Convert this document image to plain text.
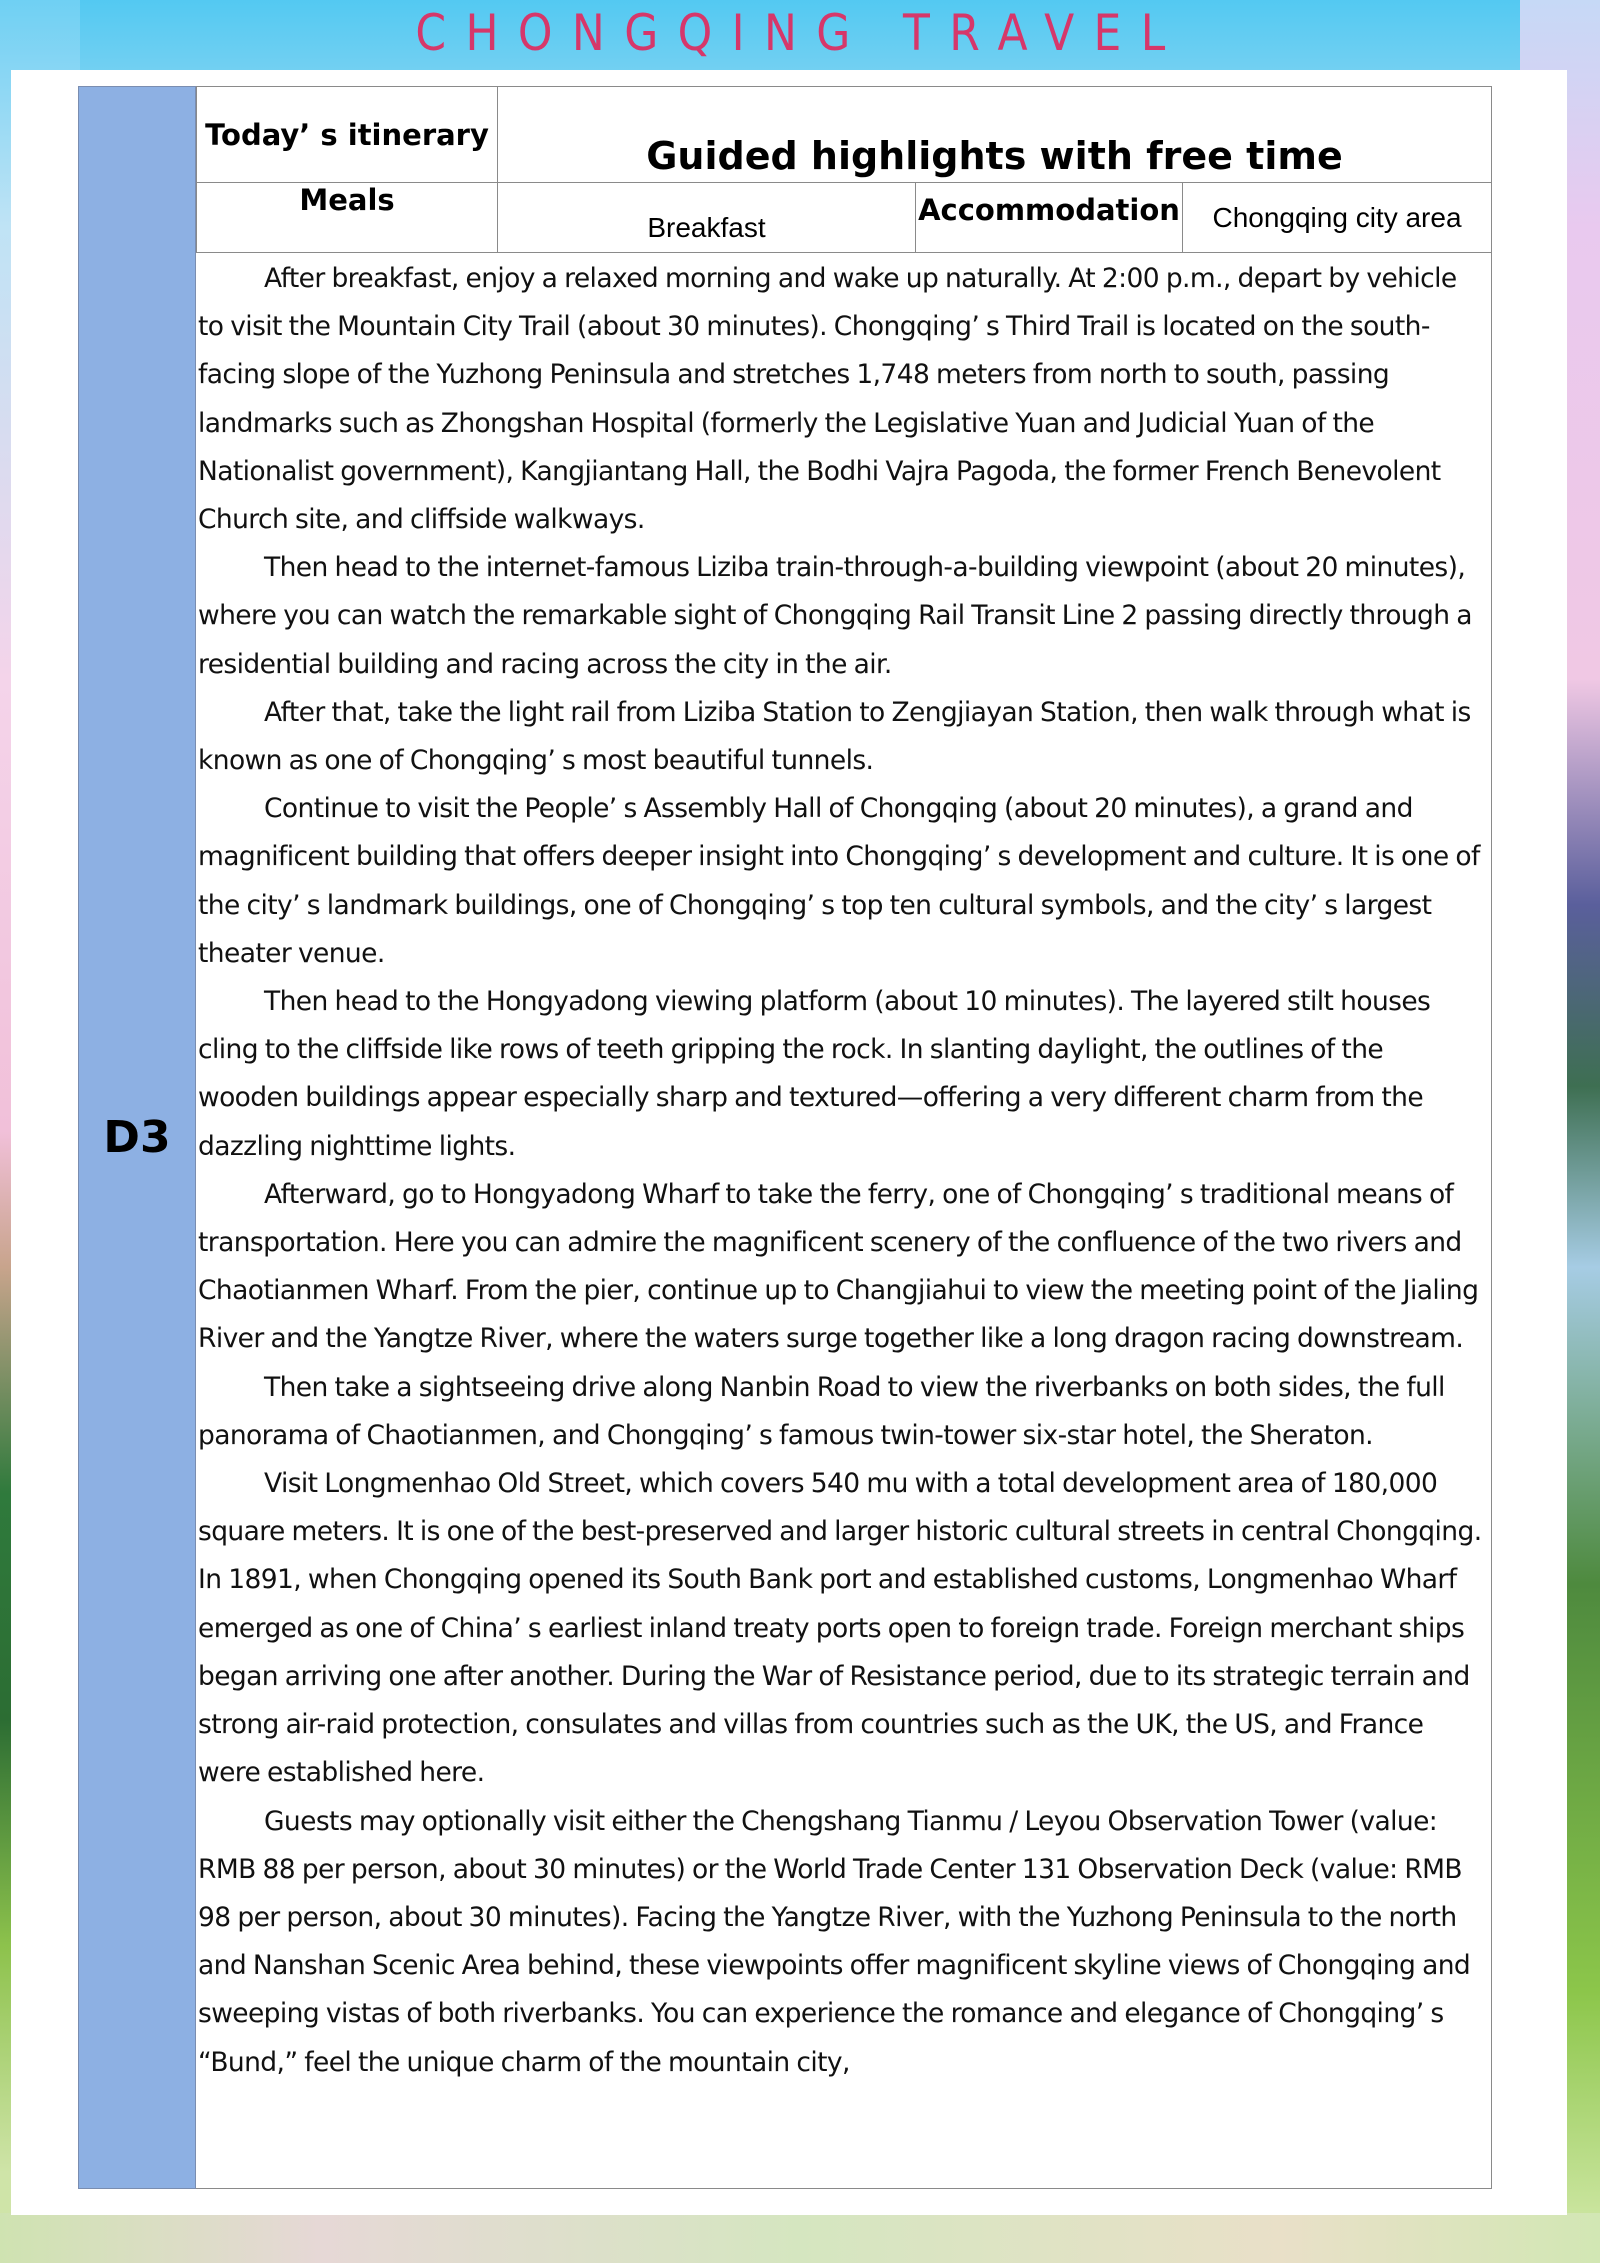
CHONGQING TRAVEL
D3
Today’ s itinerary	Guided highlights with free time
Meals
Breakfast
Accommodation Chongqing city area

After breakfast, enjoy a relaxed morning and wake up naturally. At 2:00 p.m., depart by vehicle to visit the Mountain City Trail (about 30 minutes). Chongqing’ s Third Trail is located on the south-facing slope of the Yuzhong Peninsula and stretches 1,748 meters from north to south, passing landmarks such as Zhongshan Hospital (formerly the Legislative Yuan and Judicial Yuan of the Nationalist government), Kangjiantang Hall, the Bodhi Vajra Pagoda, the former French Benevolent Church site, and cliffside walkways.

Then head to the internet-famous Liziba train-through-a-building viewpoint (about 20 minutes), where you can watch the remarkable sight of Chongqing Rail Transit Line 2 passing directly through a residential building and racing across the city in the air.

After that, take the light rail from Liziba Station to Zengjiayan Station, then walk through what is known as one of Chongqing’ s most beautiful tunnels.

Continue to visit the People’ s Assembly Hall of Chongqing (about 20 minutes), a grand and magnificent building that offers deeper insight into Chongqing’ s development and culture. It is one of the city’ s landmark buildings, one of Chongqing’ s top ten cultural symbols, and the city’ s largest theater venue.

Then head to the Hongyadong viewing platform (about 10 minutes). The layered stilt houses cling to the cliffside like rows of teeth gripping the rock. In slanting daylight, the outlines of the wooden buildings appear especially sharp and textured—offering a very different charm from the dazzling nighttime lights.

Afterward, go to Hongyadong Wharf to take the ferry, one of Chongqing’ s traditional means of transportation. Here you can admire the magnificent scenery of the confluence of the two rivers and Chaotianmen Wharf. From the pier, continue up to Changjiahui to view the meeting point of the Jialing River and the Yangtze River, where the waters surge together like a long dragon racing downstream.

Then take a sightseeing drive along Nanbin Road to view the riverbanks on both sides, the full panorama of Chaotianmen, and Chongqing’ s famous twin-tower six-star hotel, the Sheraton.

Visit Longmenhao Old Street, which covers 540 mu with a total development area of 180,000 square meters. It is one of the best-preserved and larger historic cultural streets in central Chongqing. In 1891, when Chongqing opened its South Bank port and established customs, Longmenhao Wharf emerged as one of China’ s earliest inland treaty ports open to foreign trade. Foreign merchant ships began arriving one after another. During the War of Resistance period, due to its strategic terrain and strong air-raid protection, consulates and villas from countries such as the UK, the US, and France were established here.

Guests may optionally visit either the Chengshang Tianmu / Leyou Observation Tower (value: RMB 88 per person, about 30 minutes) or the World Trade Center 131 Observation Deck (value: RMB 98 per person, about 30 minutes). Facing the Yangtze River, with the Yuzhong Peninsula to the north and Nanshan Scenic Area behind, these viewpoints offer magnificent skyline views of Chongqing and sweeping vistas of both riverbanks. You can experience the romance and elegance of Chongqing’ s “Bund,” feel the unique charm of the mountain city,
